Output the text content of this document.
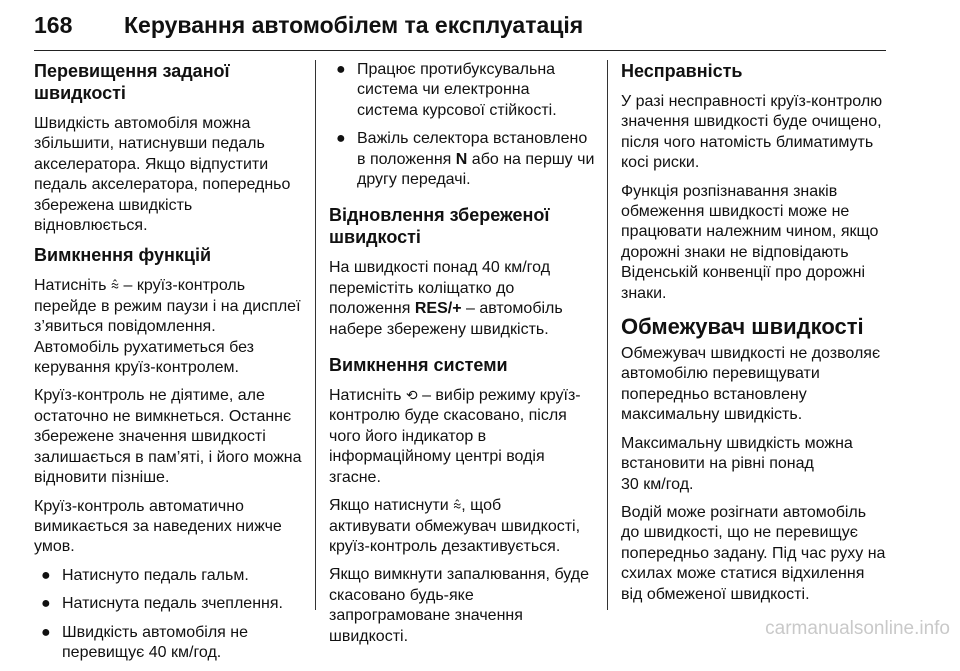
168 Керування автомобілем та експлуатація
Перевищення заданої
швидкості

Швидкість автомобіля можна
збільшити, натиснувши педаль
акселератора. Якщо відпустити
педаль акселератора, попередньо
збережена швидкість
відновлюється.

Вимкнення функцій

Натисніть ⩯ – круїз-контроль
перейде в режим паузи і на дисплеї
з’явиться повідомлення.
Автомобіль рухатиметься без
керування круїз-контролем.

Круїз-контроль не діятиме, але
остаточно не вимкнеться. Останнє
збережене значення швидкості
залишається в пам’яті, і його можна
відновити пізніше.

Круїз-контроль автоматично
вимикається за наведених нижче
умов.

● Натиснуто педаль гальм.
● Натиснута педаль зчеплення.
● Швидкість автомобіля не
перевищує 40 км/год.
● Працює протибуксувальна
система чи електронна
система курсової стійкості.
● Важіль селектора встановлено
в положення N або на першу чи
другу передачі.
Відновлення збереженої
швидкості

На швидкості понад 40 км/год
перемістіть коліщатко до
положення RES/+ – автомобіль
набере збережену швидкість.

Вимкнення системи

Натисніть ⟲ – вибір режиму круїз-
контролю буде скасовано, після
чого його індикатор в
інформаційному центрі водія
згасне.

Якщо натиснути ⩯, щоб
активувати обмежувач швидкості,
круїз-контроль дезактивується.

Якщо вимкнути запалювання, буде
скасовано будь-яке
запрограмоване значення
швидкості.

Несправність

У разі несправності круїз-контролю
значення швидкості буде очищено,
після чого натомість блиматимуть
косі риски.

Функція розпізнавання знаків
обмеження швидкості може не
працювати належним чином, якщо
дорожні знаки не відповідають
Віденській конвенції про дорожні
знаки.

Обмежувач швидкості

Обмежувач швидкості не дозволяє
автомобілю перевищувати
попередньо встановлену
максимальну швидкість.

Максимальну швидкість можна
встановити на рівні понад
30 км/год.

Водій може розігнати автомобіль
до швидкості, що не перевищує
попередньо задану. Під час руху на
схилах може статися відхилення
від обмеженої швидкості.

carmanualsonline.info
